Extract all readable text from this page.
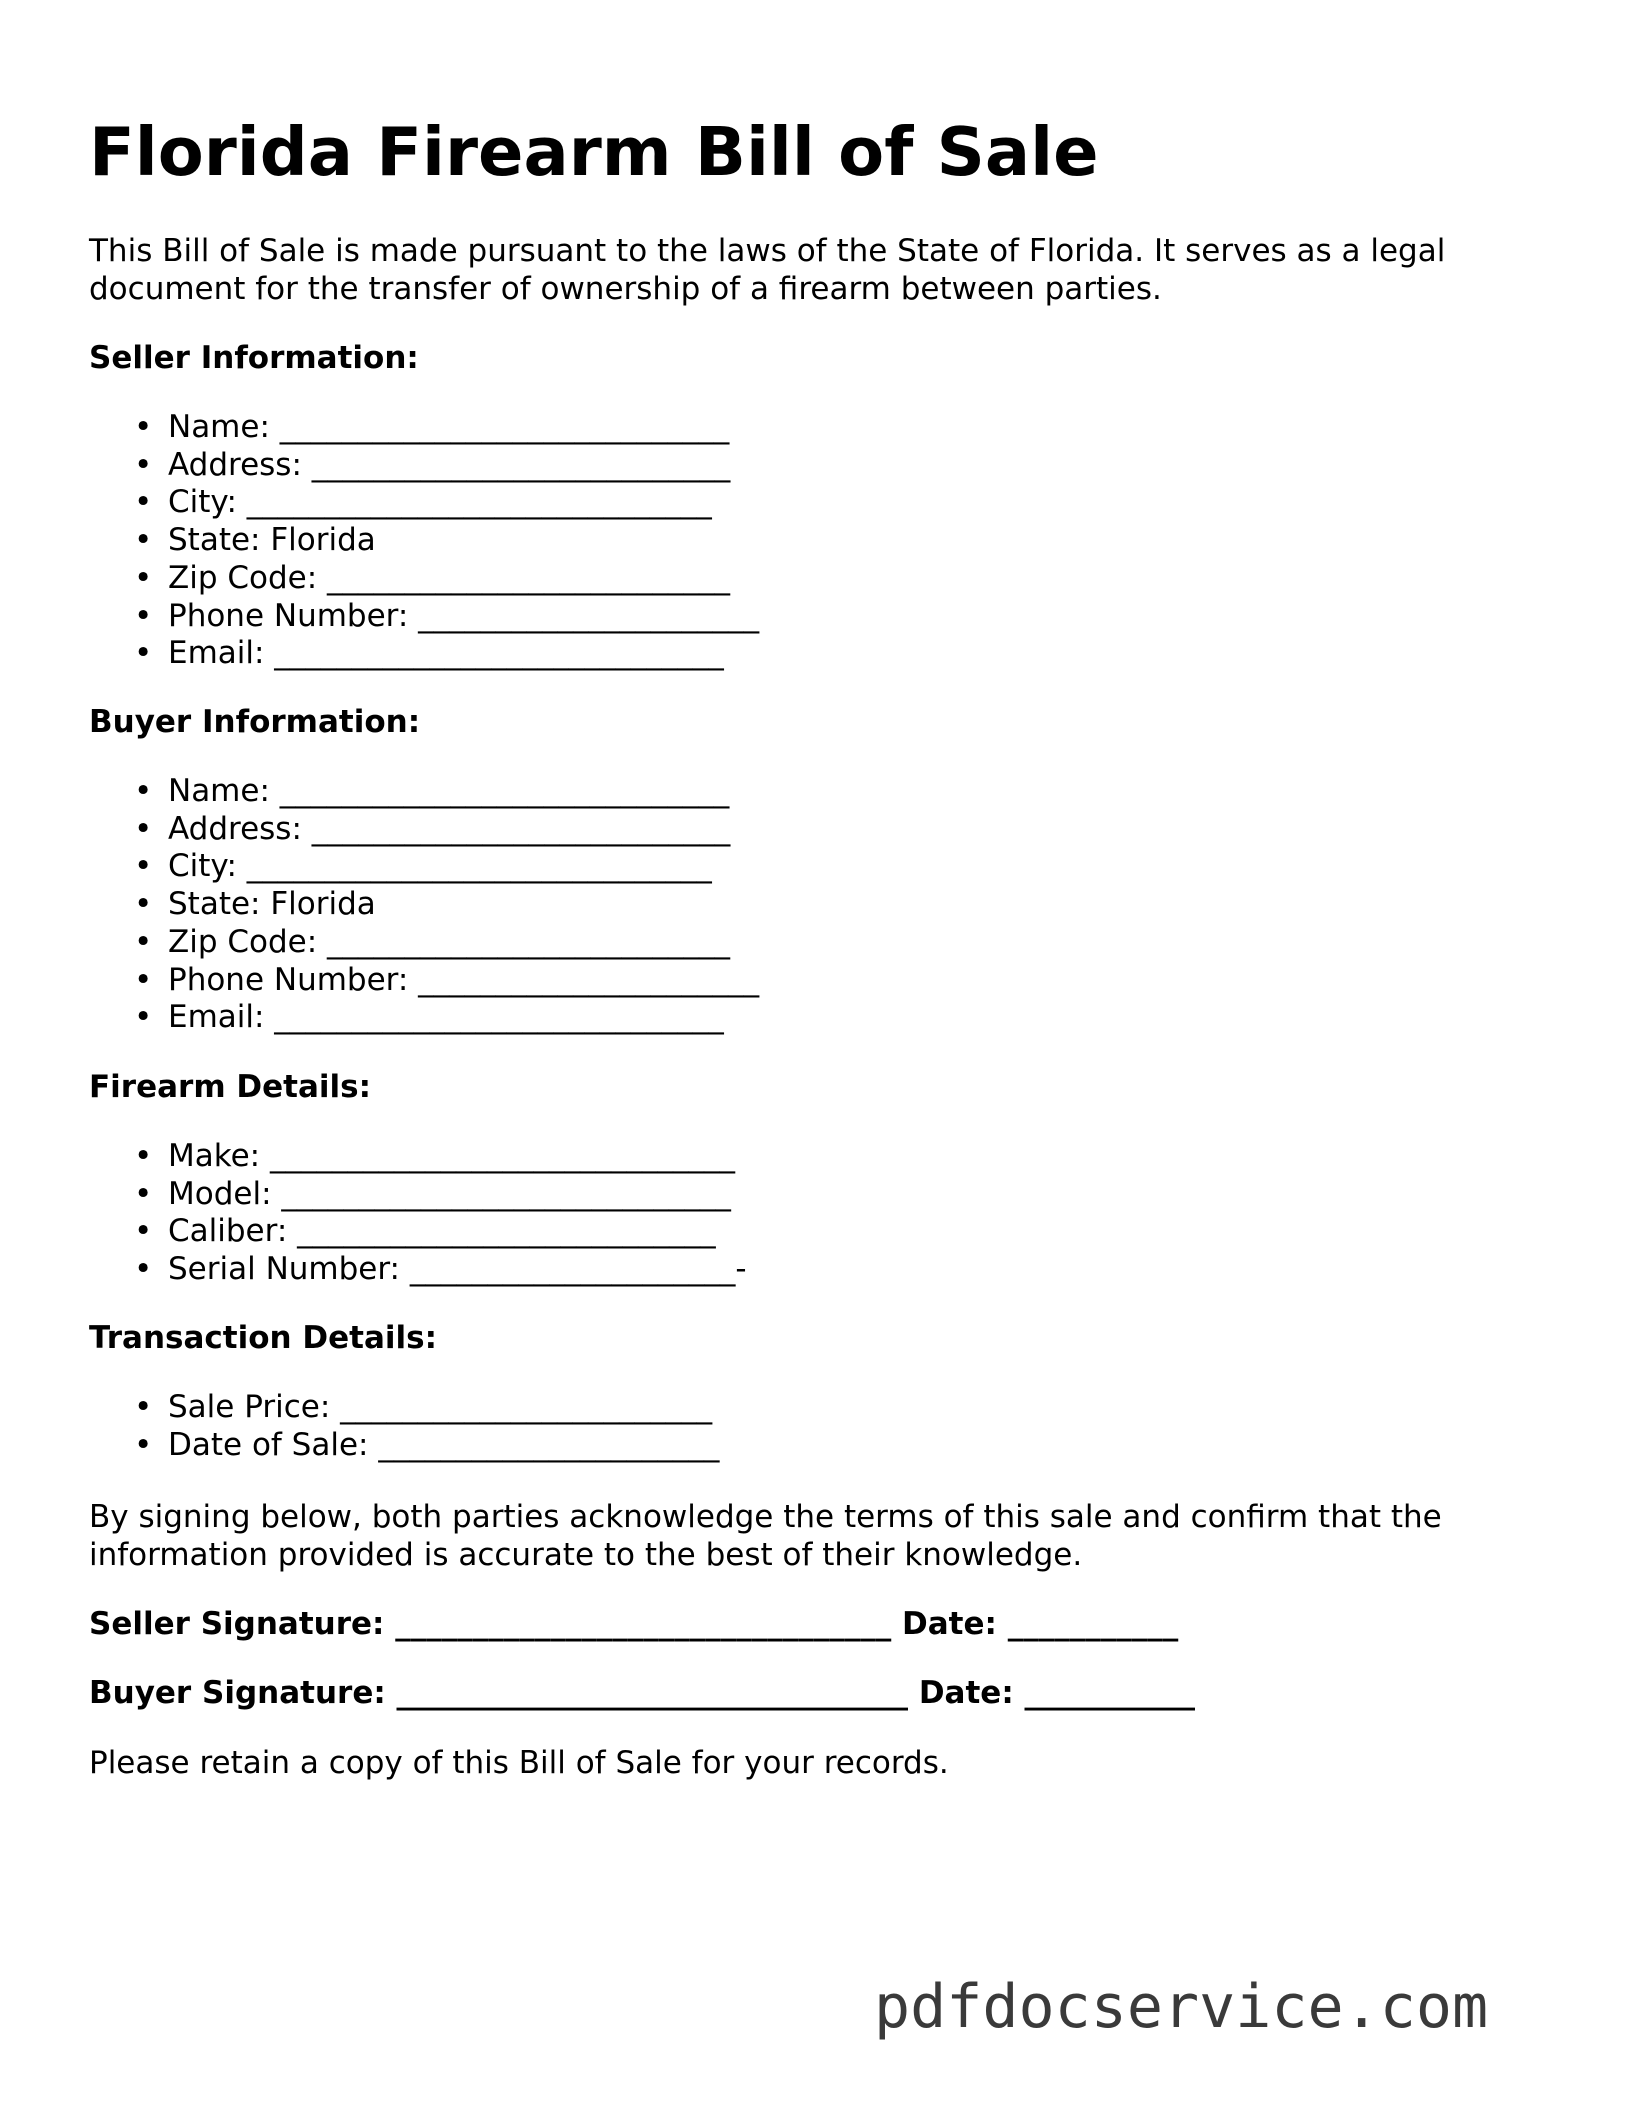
Florida Firearm Bill of Sale

This Bill of Sale is made pursuant to the laws of the State of Florida. It serves as a legal document for the transfer of ownership of a firearm between parties.

Seller Information:

• Name: _____________________________
• Address: ___________________________
• City: ______________________________
• State: Florida
• Zip Code: __________________________
• Phone Number: ______________________
• Email: _____________________________

Buyer Information:

• Name: _____________________________
• Address: ___________________________
• City: ______________________________
• State: Florida
• Zip Code: __________________________
• Phone Number: ______________________
• Email: _____________________________

Firearm Details:

• Make: ______________________________
• Model: _____________________________
• Caliber: ___________________________
• Serial Number: _____________________-

Transaction Details:

• Sale Price: ________________________
• Date of Sale: ______________________

By signing below, both parties acknowledge the terms of this sale and confirm that the information provided is accurate to the best of their knowledge.

Seller Signature: ________________________________ Date: ___________

Buyer Signature: _________________________________ Date: ___________

Please retain a copy of this Bill of Sale for your records.

pdfdocservice.com
